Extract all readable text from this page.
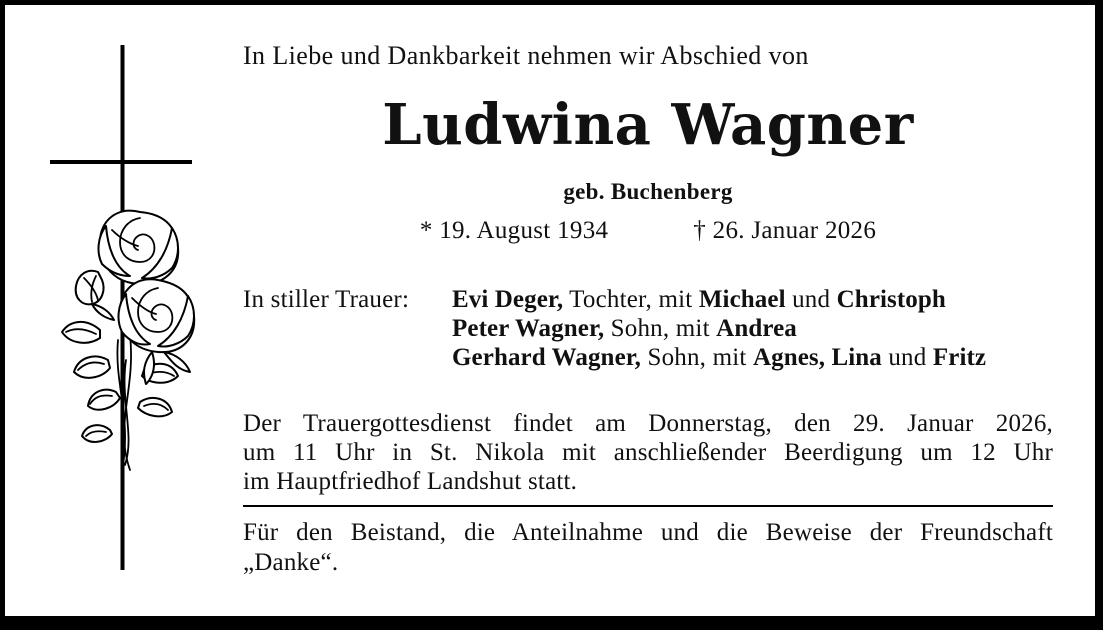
In Liebe und Dankbarkeit nehmen wir Abschied von
Ludwina Wagner
geb. Buchenberg
* 19. August 1934	† 26. Januar 2026
In stiller Trauer: Evi Deger, Tochter, mit Michael und Christoph
Peter Wagner, Sohn, mit Andrea
Gerhard Wagner, Sohn, mit Agnes, Lina und Fritz
Der Trauergottesdienst findet am Donnerstag, den 29. Januar 2026,
um 11 Uhr in St. Nikola mit anschließender Beerdigung um 12 Uhr
im Hauptfriedhof Landshut statt.
Für den Beistand, die Anteilnahme und die Beweise der Freundschaft
„Danke“.
